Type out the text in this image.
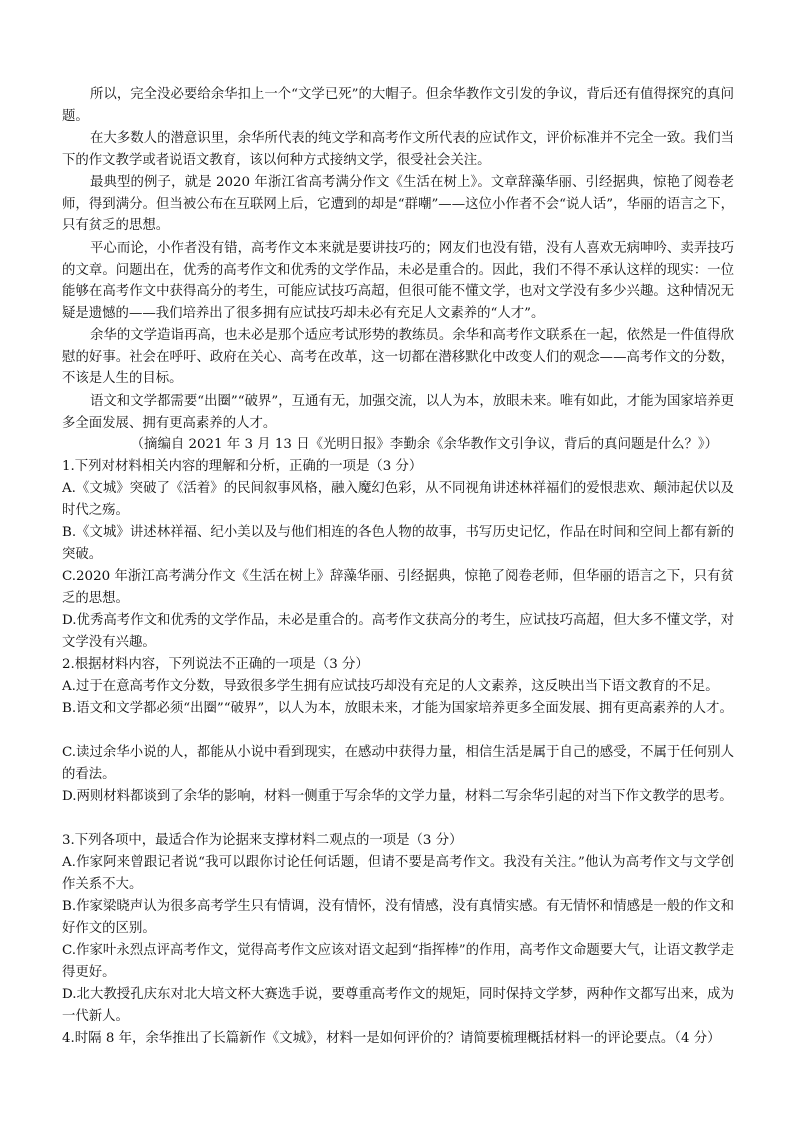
所以，完全没必要给余华扣上一个“文学已死”的大帽子。但余华教作文引发的争议，背后还有值得探究的真问题。

在大多数人的潜意识里，余华所代表的纯文学和高考作文所代表的应试作文，评价标准并不完全一致。我们当下的作文教学或者说语文教育，该以何种方式接纳文学，很受社会关注。

最典型的例子，就是 2020 年浙江省高考满分作文《生活在树上》。文章辞藻华丽、引经据典，惊艳了阅卷老师，得到满分。但当被公布在互联网上后，它遭到的却是“群嘲”——这位小作者不会“说人话”，华丽的语言之下，只有贫乏的思想。

平心而论，小作者没有错，高考作文本来就是要讲技巧的；网友们也没有错，没有人喜欢无病呻吟、卖弄技巧的文章。问题出在，优秀的高考作文和优秀的文学作品，未必是重合的。因此，我们不得不承认这样的现实：一位能够在高考作文中获得高分的考生，可能应试技巧高超，但很可能不懂文学，也对文学没有多少兴趣。这种情况无疑是遗憾的——我们培养出了很多拥有应试技巧却未必有充足人文素养的“人才”。

余华的文学造诣再高，也未必是那个适应考试形势的教练员。余华和高考作文联系在一起，依然是一件值得欣慰的好事。社会在呼吁、政府在关心、高考在改革，这一切都在潜移默化中改变人们的观念——高考作文的分数，不该是人生的目标。

语文和文学都需要“出圈”“破界”，互通有无，加强交流，以人为本，放眼未来。唯有如此，才能为国家培养更多全面发展、拥有更高素养的人才。

（摘编自 2021 年 3 月 13 日《光明日报》李勤余《余华教作文引争议，背后的真问题是什么？》）

1.下列对材料相关内容的理解和分析，正确的一项是（3 分）

A.《文城》突破了《活着》的民间叙事风格，融入魔幻色彩，从不同视角讲述林祥福们的爱恨悲欢、颠沛起伏以及时代之殇。

B.《文城》讲述林祥福、纪小美以及与他们相连的各色人物的故事，书写历史记忆，作品在时间和空间上都有新的突破。

C.2020 年浙江高考满分作文《生活在树上》辞藻华丽、引经据典，惊艳了阅卷老师，但华丽的语言之下，只有贫乏的思想。

D.优秀高考作文和优秀的文学作品，未必是重合的。高考作文获高分的考生，应试技巧高超，但大多不懂文学，对文学没有兴趣。

2.根据材料内容，下列说法不正确的一项是（3 分）

A.过于在意高考作文分数，导致很多学生拥有应试技巧却没有充足的人文素养，这反映出当下语文教育的不足。

B.语文和文学都必须“出圈”“破界”，以人为本，放眼未来，才能为国家培养更多全面发展、拥有更高素养的人才。

C.读过余华小说的人，都能从小说中看到现实，在感动中获得力量，相信生活是属于自己的感受，不属于任何别人的看法。

D.两则材料都谈到了余华的影响，材料一侧重于写余华的文学力量，材料二写余华引起的对当下作文教学的思考。

3.下列各项中，最适合作为论据来支撑材料二观点的一项是（3 分）

A.作家阿来曾跟记者说“我可以跟你讨论任何话题，但请不要是高考作文。我没有关注。”他认为高考作文与文学创作关系不大。

B.作家梁晓声认为很多高考学生只有情调，没有情怀，没有情感，没有真情实感。有无情怀和情感是一般的作文和好作文的区别。

C.作家叶永烈点评高考作文，觉得高考作文应该对语文起到“指挥棒”的作用，高考作文命题要大气，让语文教学走得更好。

D.北大教授孔庆东对北大培文杯大赛选手说，要尊重高考作文的规矩，同时保持文学梦，两种作文都写出来，成为一代新人。

4.时隔 8 年，余华推出了长篇新作《文城》，材料一是如何评价的？请简要梳理概括材料一的评论要点。（4 分）
